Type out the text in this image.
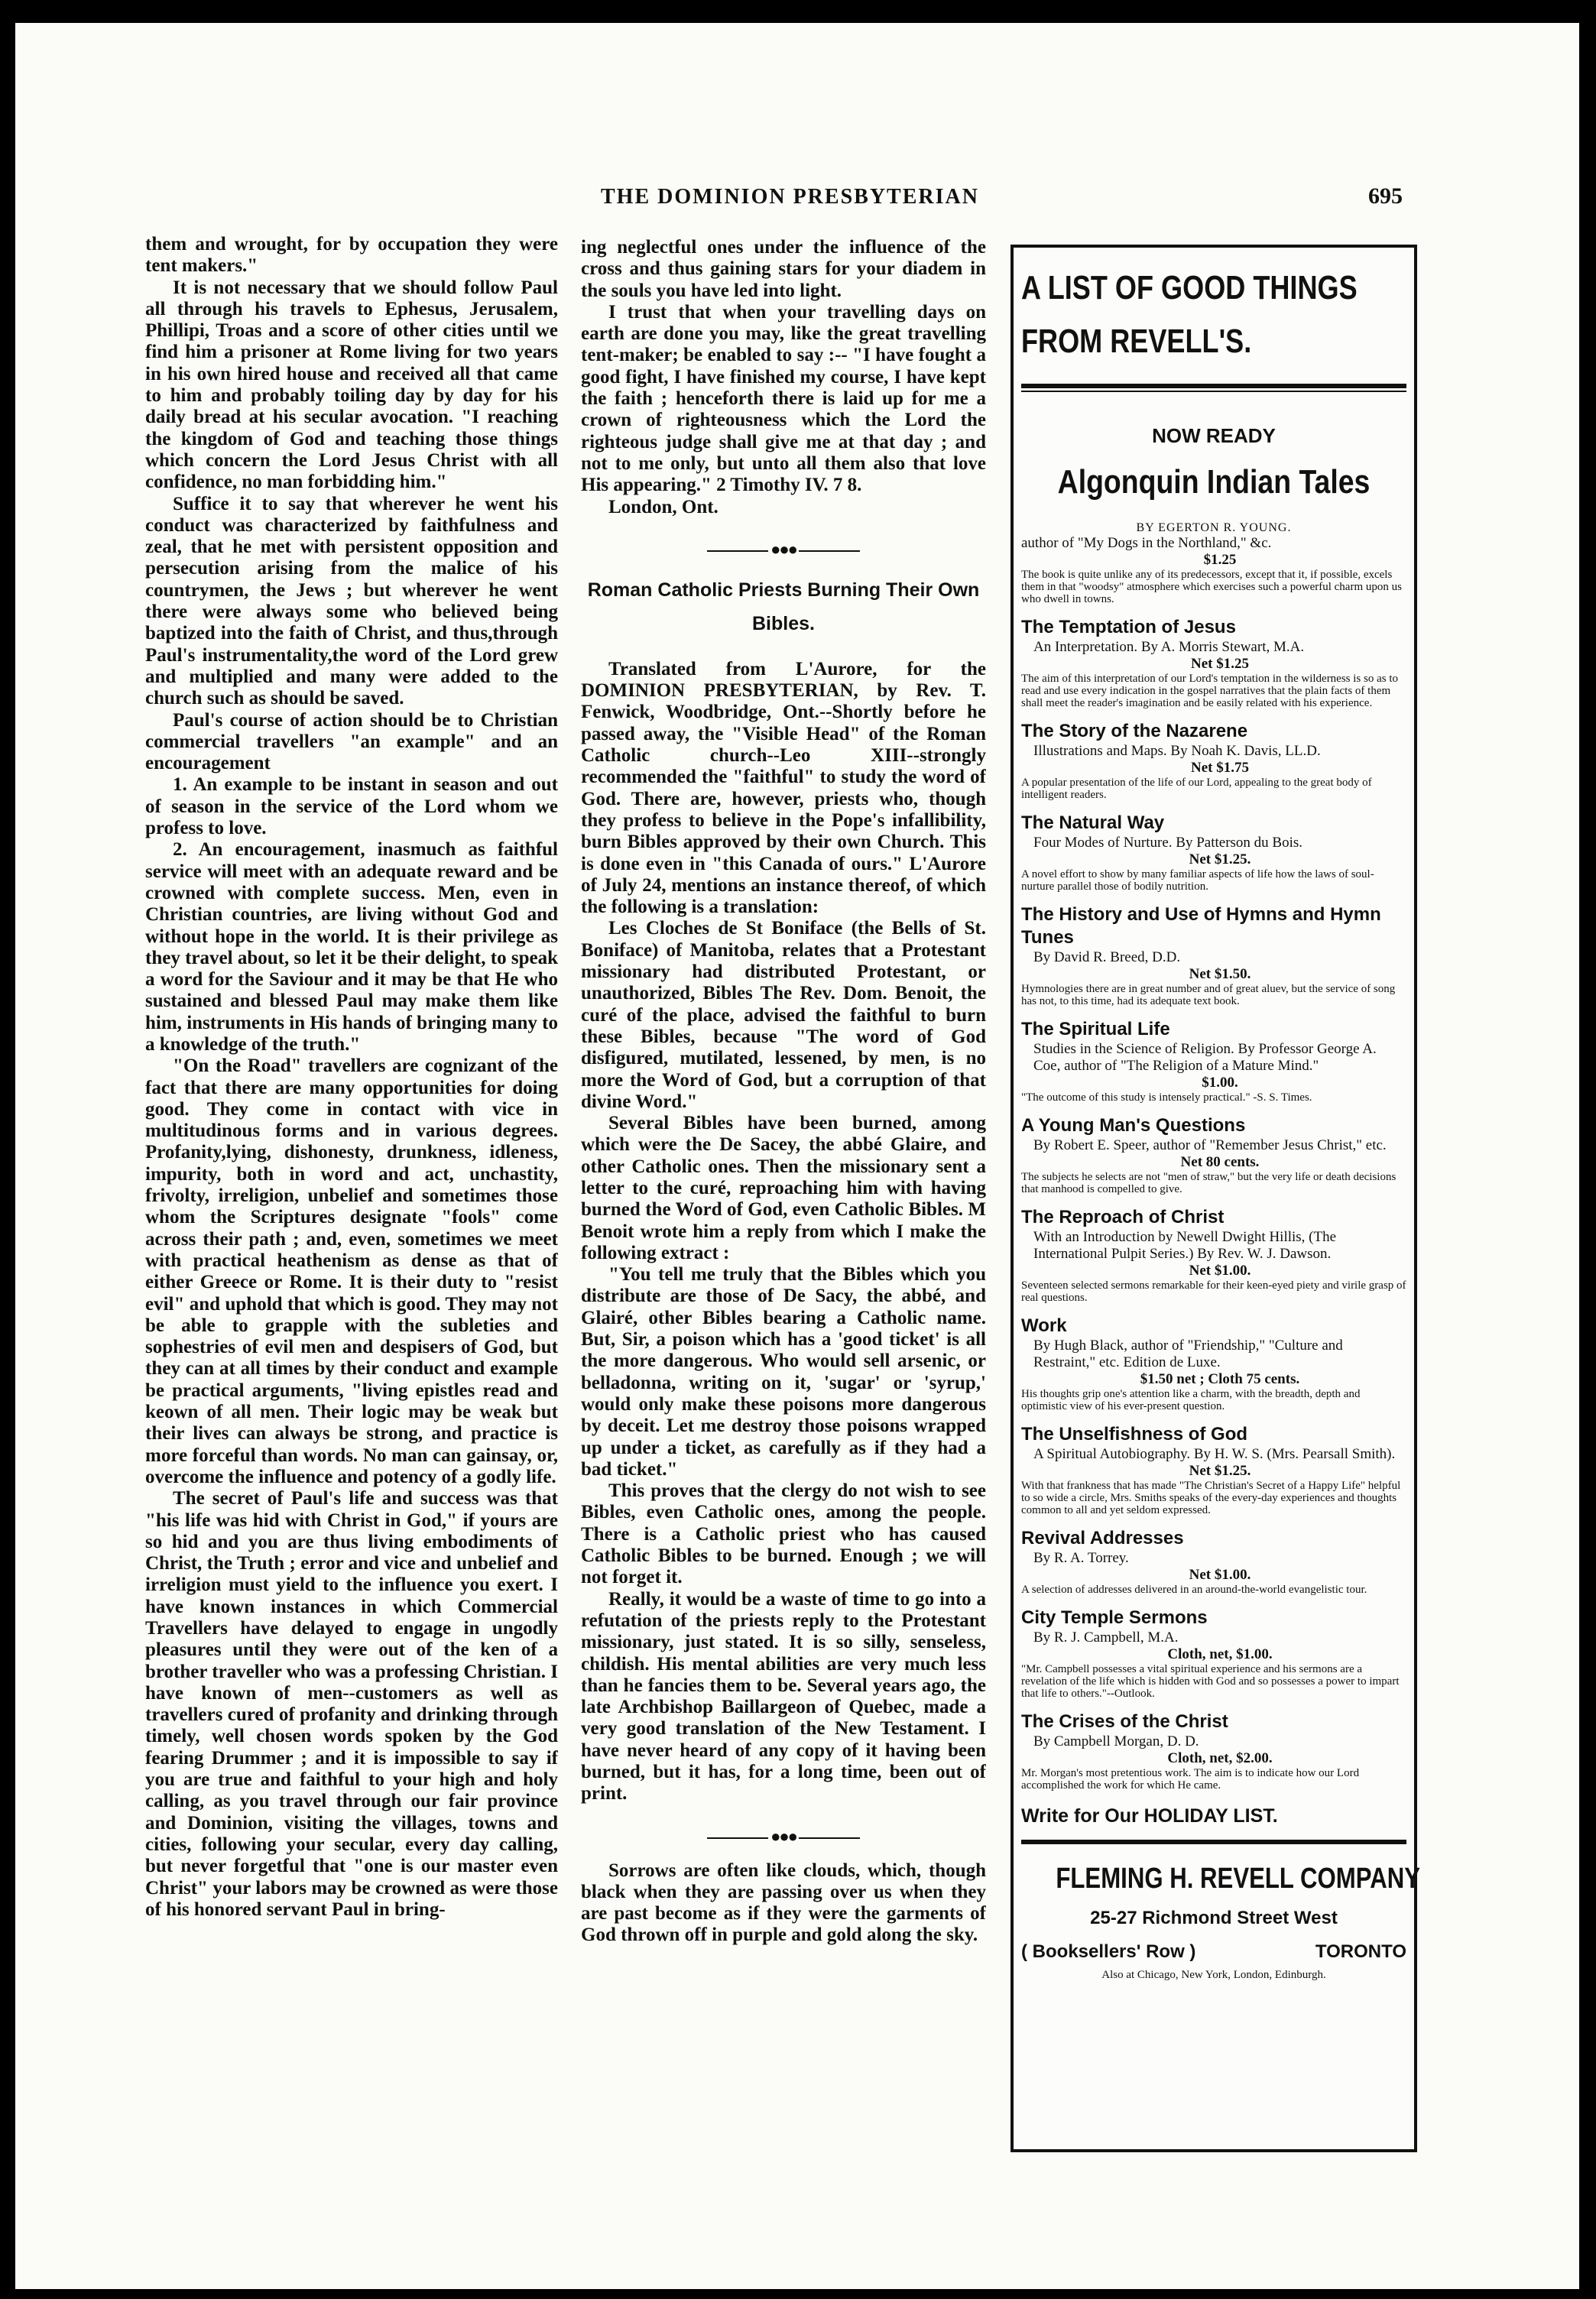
THE DOMINION PRESBYTERIAN	695

them and wrought, for by occupation they were tent makers."

It is not necessary that we should follow Paul all through his travels to Ephesus, Jerusalem, Phillipi, Troas and a score of other cities until we find him a prisoner at Rome living for two years in his own hired house and received all that came to him and probably toiling day by day for his daily bread at his secular avocation. "I reaching the kingdom of God and teaching those things which concern the Lord Jesus Christ with all confidence, no man forbidding him."

Suffice it to say that wherever he went his conduct was characterized by faithfulness and zeal, that he met with persistent opposition and persecution arising from the malice of his countrymen, the Jews ; but wherever he went there were always some who believed being baptized into the faith of Christ, and thus,through Paul's instrumentality,the word of the Lord grew and multiplied and many were added to the church such as should be saved.

Paul's course of action should be to Christian commercial travellers "an example" and an encouragement

1. An example to be instant in season and out of season in the service of the Lord whom we profess to love.

2. An encouragement, inasmuch as faithful service will meet with an adequate reward and be crowned with complete success. Men, even in Christian countries, are living without God and without hope in the world. It is their privilege as they travel about, so let it be their delight, to speak a word for the Saviour and it may be that He who sustained and blessed Paul may make them like him, instruments in His hands of bringing many to a knowledge of the truth."

"On the Road" travellers are cognizant of the fact that there are many opportunities for doing good. They come in contact with vice in multitudinous forms and in various degrees. Profanity,lying, dishonesty, drunkness, idleness, impurity, both in word and act, unchastity, frivolty, irreligion, unbelief and sometimes those whom the Scriptures designate "fools" come across their path ; and, even, sometimes we meet with practical heathenism as dense as that of either Greece or Rome. It is their duty to "resist evil" and uphold that which is good. They may not be able to grapple with the subleties and sophestries of evil men and despisers of God, but they can at all times by their conduct and example be practical arguments, "living epistles read and keown of all men. Their logic may be weak but their lives can always be strong, and practice is more forceful than words. No man can gainsay, or, overcome the influence and potency of a godly life.

The secret of Paul's life and success was that "his life was hid with Christ in God," if yours are so hid and you are thus living embodiments of Christ, the Truth ; error and vice and unbelief and irreligion must yield to the influence you exert. I have known instances in which Commercial Travellers have delayed to engage in ungodly pleasures until they were out of the ken of a brother traveller who was a professing Christian. I have known of men--customers as well as travellers cured of profanity and drinking through timely, well chosen words spoken by the God fearing Drummer ; and it is impossible to say if you are true and faithful to your high and holy calling, as you travel through our fair province and Dominion, visiting the villages, towns and cities, following your secular, every day calling, but never forgetful that "one is our master even Christ" your labors may be crowned as were those of his honored servant Paul in bring-

ing neglectful ones under the influence of the cross and thus gaining stars for your diadem in the souls you have led into light.

I trust that when your travelling days on earth are done you may, like the great travelling tent-maker; be enabled to say :-- "I have fought a good fight, I have finished my course, I have kept the faith ; henceforth there is laid up for me a crown of righteousness which the Lord the righteous judge shall give me at that day ; and not to me only, but unto all them also that love His appearing." 2 Timothy IV. 7 8.

London, Ont.

●●●
Roman Catholic Priests Burning Their Own Bibles.

Translated from L'Aurore, for the DOMINION PRESBYTERIAN, by Rev. T. Fenwick, Woodbridge, Ont.--Shortly before he passed away, the "Visible Head" of the Roman Catholic church--Leo XIII--strongly recommended the "faithful" to study the word of God. There are, however, priests who, though they profess to believe in the Pope's infallibility, burn Bibles approved by their own Church. This is done even in "this Canada of ours." L'Aurore of July 24, mentions an instance thereof, of which the following is a translation:

Les Cloches de St Boniface (the Bells of St. Boniface) of Manitoba, relates that a Protestant missionary had distributed Protestant, or unauthorized, Bibles The Rev. Dom. Benoit, the curé of the place, advised the faithful to burn these Bibles, because "The word of God disfigured, mutilated, lessened, by men, is no more the Word of God, but a corruption of that divine Word."

Several Bibles have been burned, among which were the De Sacey, the abbé Glaire, and other Catholic ones. Then the missionary sent a letter to the curé, reproaching him with having burned the Word of God, even Catholic Bibles. M Benoit wrote him a reply from which I make the following extract :

"You tell me truly that the Bibles which you distribute are those of De Sacy, the abbé, and Glairé, other Bibles bearing a Catholic name. But, Sir, a poison which has a 'good ticket' is all the more dangerous. Who would sell arsenic, or belladonna, writing on it, 'sugar' or 'syrup,' would only make these poisons more dangerous by deceit. Let me destroy those poisons wrapped up under a ticket, as carefully as if they had a bad ticket."

This proves that the clergy do not wish to see Bibles, even Catholic ones, among the people. There is a Catholic priest who has caused Catholic Bibles to be burned. Enough ; we will not forget it.

Really, it would be a waste of time to go into a refutation of the priests reply to the Protestant missionary, just stated. It is so silly, senseless, childish. His mental abilities are very much less than he fancies them to be. Several years ago, the late Archbishop Baillargeon of Quebec, made a very good translation of the New Testament. I have never heard of any copy of it having been burned, but it has, for a long time, been out of print.

●●●

Sorrows are often like clouds, which, though black when they are passing over us when they are past become as if they were the garments of God thrown off in purple and gold along the sky.

A LIST OF GOOD THINGS
FROM REVELL'S.
NOW READY
Algonquin Indian Tales
BY EGERTON R. YOUNG.
author of "My Dogs in the Northland," &c.
$1.25
The book is quite unlike any of its predecessors, except that it, if possible, excels them in that "woodsy" atmosphere which exercises such a powerful charm upon us who dwell in towns.
The Temptation of Jesus
An Interpretation. By A. Morris Stewart, M.A.
Net $1.25
The aim of this interpretation of our Lord's temptation in the wilderness is so as to read and use every indication in the gospel narratives that the plain facts of them shall meet the reader's imagination and be easily related with his experience.
The Story of the Nazarene
Illustrations and Maps. By Noah K. Davis, LL.D.
Net $1.75
A popular presentation of the life of our Lord, appealing to the great body of intelligent readers.
The Natural Way
Four Modes of Nurture. By Patterson du Bois.
Net $1.25.
A novel effort to show by many familiar aspects of life how the laws of soul-nurture parallel those of bodily nutrition.
The History and Use of Hymns and Hymn Tunes
By David R. Breed, D.D.
Net $1.50.
Hymnologies there are in great number and of great aluev, but the service of song has not, to this time, had its adequate text book.
The Spiritual Life
Studies in the Science of Religion. By Professor George A. Coe, author of "The Religion of a Mature Mind."
$1.00.
"The outcome of this study is intensely practical." -S. S. Times.
A Young Man's Questions
By Robert E. Speer, author of "Remember Jesus Christ," etc.
Net 80 cents.
The subjects he selects are not "men of straw," but the very life or death decisions that manhood is compelled to give.
The Reproach of Christ
With an Introduction by Newell Dwight Hillis, (The International Pulpit Series.) By Rev. W. J. Dawson.
Net $1.00.
Seventeen selected sermons remarkable for their keen-eyed piety and virile grasp of real questions.
Work
By Hugh Black, author of "Friendship," "Culture and Restraint," etc. Edition de Luxe.
$1.50 net ; Cloth 75 cents.
His thoughts grip one's attention like a charm, with the breadth, depth and optimistic view of his ever-present question.
The Unselfishness of God
A Spiritual Autobiography. By H. W. S. (Mrs. Pearsall Smith).
Net $1.25.
With that frankness that has made "The Christian's Secret of a Happy Life" helpful to so wide a circle, Mrs. Smiths speaks of the every-day experiences and thoughts common to all and yet seldom expressed.
Revival Addresses
By R. A. Torrey.
Net $1.00.
A selection of addresses delivered in an around-the-world evangelistic tour.
City Temple Sermons
By R. J. Campbell, M.A.
Cloth, net, $1.00.
"Mr. Campbell possesses a vital spiritual experience and his sermons are a revelation of the life which is hidden with God and so possesses a power to impart that life to others."--Outlook.
The Crises of the Christ
By Campbell Morgan, D. D.
Cloth, net, $2.00.
Mr. Morgan's most pretentious work. The aim is to indicate how our Lord accomplished the work for which He came.
Write for Our HOLIDAY LIST.
FLEMING H. REVELL COMPANY
25-27 Richmond Street West
( Booksellers' Row )	TORONTO
Also at Chicago, New York, London, Edinburgh.
